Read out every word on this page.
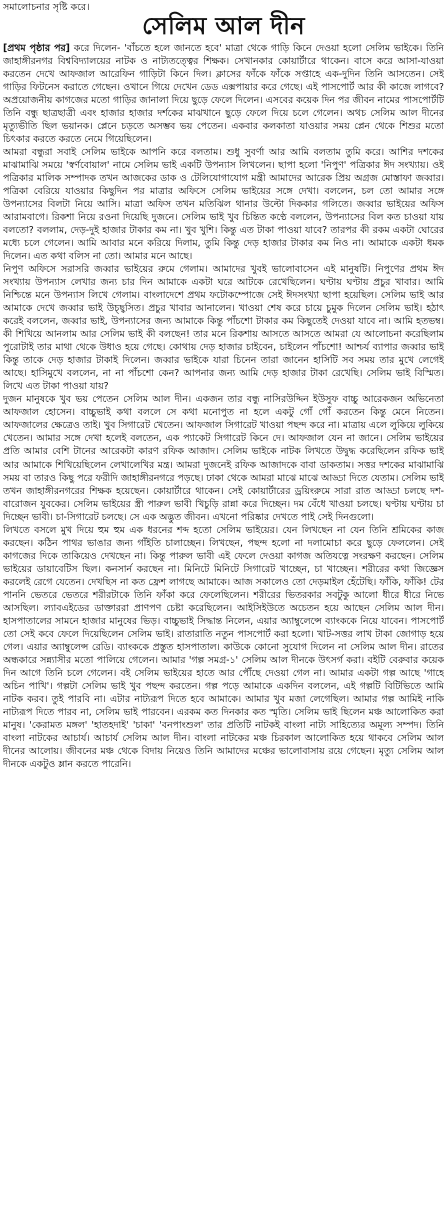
সমালোচনার সৃষ্টি করে।
সেলিম আল দীন

[প্রথম পৃষ্ঠার পর] করে দিলেন- 'বাঁচতে হলে জানতে হবে' মাত্রা থেকে গাড়ি কিনে দেওয়া হলো সেলিম ভাইকে। তিনি জাহাঙ্গীরনগর বিশ্ববিদ্যালয়ের নাটক ও নাট্যতত্ত্বের শিক্ষক। সেখানকার কোয়ার্টারে থাকেন। বাসে করে আসা-যাওয়া করতেন দেখে আফজাল আরেফিন গাড়িটা কিনে দিল। ক্লাসের ফাঁকে ফাঁকে সপ্তাহে এক-দুদিন তিনি আসতেন। সেই গাড়ির ফিটনেস করাতে গেছেন। ওখানে গিয়ে দেখেন ডেড এক্সপায়ার করে গেছে। এই পাসপোর্ট আর কী কাজে লাগবে? অপ্রয়োজনীয় কাগজের মতো গাড়ির জানালা দিয়ে ছুড়ে ফেলে দিলেন। এসবের কয়েক দিন পর জীবন নামের পাসপোর্টটি তিনি বন্ধু ছাত্রছাত্রী এবং হাজার হাজার দর্শকের মাঝখানে ছুড়ে ফেলে দিয়ে চলে গেলেন। অথচ সেলিম আল দীনের মৃত্যুভীতি ছিল ভয়ানক। প্লেনে চড়তে অসম্ভব ভয় পেতেন। একবার কলকাতা যাওয়ার সময় প্লেন থেকে শিশুর মতো চিৎকার করতে করতে নেমে গিয়েছিলেন।

আমরা বন্ধুরা সবাই সেলিম ভাইকে আপনি করে বলতাম। শুধু সুবর্ণা আর আমি বলতাম তুমি করে। আশির দশকের মাঝামাঝি সময়ে 'স্বর্ণবোয়াল' নামে সেলিম ভাই একটি উপন্যাস লিখলেন। ছাপা হলো 'নিপুণ' পত্রিকার ঈদ সংখ্যায়। ওই পত্রিকার মালিক সম্পাদক তখন আজকের ডাক ও টেলিযোগাযোগ মন্ত্রী আমাদের আরেক প্রিয় অগ্রজ মোস্তাফা জব্বার। পত্রিকা বেরিয়ে যাওয়ার কিছুদিন পর মাত্রার অফিসে সেলিম ভাইয়ের সঙ্গে দেখা। বললেন, চল তো আমার সঙ্গে উপন্যাসের বিলটা নিয়ে আসি। মাত্রা অফিস তখন মতিঝিল থানার উল্টো দিককার গলিতে। জব্বার ভাইয়ের অফিস আরামবাগে। রিকশা নিয়ে রওনা দিয়েছি দুজনে। সেলিম ভাই খুব চিন্তিত কণ্ঠে বললেন, উপন্যাসের বিল কত চাওয়া যায় বলতো? বললাম, দেড়-দুই হাজার টাকার কম না। খুব খুশি। কিন্তু এত টাকা পাওয়া যাবে? তারপর কী রকম একটা ঘোরের মধ্যে চলে গেলেন। আমি আবার মনে করিয়ে দিলাম, তুমি কিন্তু দেড় হাজার টাকার কম নিও না। আমাকে একটা ধমক দিলেন। এত কথা বলিস না তো। আমার মনে আছে।

নিপুণ অফিসে সরাসরি জব্বার ভাইয়ের রুমে গেলাম। আমাদের খুবই ভালোবাসেন এই মানুষটি। নিপুণের প্রথম ঈদ সংখ্যায় উপন্যাস লেখার জন্য চার দিন আমাকে একটা ঘরে আটকে রেখেছিলেন। ঘণ্টায় ঘণ্টায় প্রচুর খাবার। আমি নিশ্চিন্তে মনে উপন্যাস লিখে গেলাম। বাংলাদেশে প্রথম ফটোকম্পোজে সেই ঈদসংখ্যা ছাপা হয়েছিল। সেলিম ভাই আর আমাকে দেখে জব্বার ভাই উচ্ছ্বসিত। প্রচুর খাবার আনালেন। খাওয়া শেষ করে চায়ে চুমুক দিলেন সেলিম ভাই। হঠাৎ করেই বললেন, জব্বার ভাই, উপন্যাসের জন্য আমাকে কিন্তু পাঁচশো টাকার কম কিছুতেই দেওয়া যাবে না। আমি হতভম্ব। কী শিখিয়ে আনলাম আর সেলিম ভাই কী বলছেন! তার মনে রিকশায় আসতে আসতে আমরা যে আলোচনা করেছিলাম পুরোটাই তার মাথা থেকে উধাও হয়ে গেছে। কোথায় দেড় হাজার চাইবেন, চাইলেন পাঁচশো! আশ্চর্য ব্যাপার জব্বার ভাই কিন্তু তাকে দেড় হাজার টাকাই দিলেন। জব্বার ভাইকে যারা চিনেন তারা জানেন হাসিটি সব সময় তার মুখে লেগেই আছে। হাসিমুখে বললেন, না না পাঁচশো কেন? আপনার জন্য আমি দেড় হাজার টাকা রেখেছি। সেলিম ভাই বিস্মিত। লিখে এত টাকা পাওয়া যায়?

দুজন মানুষকে খুব ভয় পেতেন সেলিম আল দীন। একজন তার বন্ধু নাসিরউদ্দিন ইউসুফ বাচ্চু আরেকজন অভিনেতা আফজাল হোসেন। বাচ্চুভাই কথা বললে সে কথা মনোপুত না হলে একটু গোঁ গোঁ করতেন কিন্তু মেনে নিতেন। আফজালের ক্ষেত্রেও তাই। খুব সিগারেট খেতেন। আফজাল সিগারেট খাওয়া পছন্দ করে না। মাত্রায় এলে লুকিয়ে লুকিয়ে খেতেন। আমার সঙ্গে দেখা হলেই বলতেন, এক প্যাকেট সিগারেট কিনে দে। আফজাল যেন না জানে। সেলিম ভাইয়ের প্রতি আমার বেশি টানের আরেকটা কারণ রফিক আজাদ। সেলিম ভাইকে নাটক লিখতে উদ্বুদ্ধ করেছিলেন রফিক ভাই আর আমাকে শিখিয়েছিলেন লেখালেখির মন্ত্র। আমরা দুজনেই রফিক আজাদকে বাবা ডাকতাম। সত্তর দশকের মাঝামাঝি সময় বা তারও কিছু পরে ফরীদি জাহাঙ্গীরনগরে পড়ছে। ঢাকা থেকে আমরা মাঝে মাঝে আড্ডা দিতে যেতাম। সেলিম ভাই তখন জাহাঙ্গীরনগরের শিক্ষক হয়েছেন। কোয়ার্টারে থাকেন। সেই কোয়ার্টারের ড্রয়িংরুমে সারা রাত আড্ডা চলছে দশ-বারোজন যুবকের। সেলিম ভাইয়ের স্ত্রী পারুল ভাবী খিচুড়ি রান্না করে দিচ্ছেন। দম বেঁধে খাওয়া চলছে। ঘণ্টায় ঘণ্টায় চা দিচ্ছেন ভাবী। চা-সিগারেট চলছে। সে এক অদ্ভুত জীবন। এখনো পরিষ্কার দেখতে পাই সেই দিনগুলো।

লিখতে বসলে মুখ দিয়ে হুম হুম এক ধরনের শব্দ হতো সেলিম ভাইয়ের। যেন লিখছেন না যেন তিনি শ্রমিকের কাজ করছেন। কঠিন পাথর ভাঙার জন্য গাঁইতি চালাচ্ছেন। লিখছেন, পছন্দ হলো না দলামোচা করে ছুড়ে ফেললেন। সেই কাগজের দিকে তাকিয়েও দেখছেন না। কিন্তু পারুল ভাবী এই ফেলে দেওয়া কাগজ অতিযত্নে সংরক্ষণ করছেন। সেলিম ভাইয়ের ডায়াবেটিস ছিল। কনসার্ন করছেন না। মিনিটে মিনিটে সিগারেট খাচ্ছেন, চা খাচ্ছেন। শরীরের কথা জিজ্ঞেস করলেই রেগে যেতেন। দেখছিস না কত ফ্রেশ লাগছে আমাকে। আজ সকালেও তো দেড়মাইল হেঁটেছি। ফাঁকি, ফাঁকি! টের পাননি ভেতরে ভেতরে শরীরটাকে তিনি ফাঁকা করে ফেলেছিলেন। শরীরের ভিতরকার সবটুকু আলো ধীরে ধীরে নিভে আসছিল। ল্যাবএইডের ডাক্তাররা প্রাণপণ চেষ্টা করেছিলেন। আইসিইউতে অচেতন হয়ে আছেন সেলিম আল দীন। হাসপাতালের সামনে হাজার মানুষের ভিড়। বাচ্চুভাই সিদ্ধান্ত নিলেন, এয়ার অ্যাম্বুলেন্সে ব্যাংককে নিয়ে যাবেন। পাসপোর্ট তো সেই কবে ফেলে দিয়েছিলেন সেলিম ভাই। রাতারাতি নতুন পাসপোর্ট করা হলো। খাট-সত্তর লাখ টাকা জোগাড় হয়ে গেল। এয়ার অ্যাম্বুলেন্স রেডি। ব্যাংককে প্রস্তুত হাসপাতাল। কাউকে কোনো সুযোগ দিলেন না সেলিম আল দীন। রাতের অন্ধকারে সন্ন্যাসীর মতো পালিয়ে গেলেন। আমার 'গল্প সমগ্র-১' সেলিম আল দীনকে উৎসর্গ করা। বইটি বেরুবার কয়েক দিন আগে তিনি চলে গেলেন। বই সেলিম ভাইয়ের হাতে আর পৌঁছে দেওয়া গেল না। আমার একটা গল্প আছে 'গাহে অচিন পাখি'। গল্পটা সেলিম ভাই খুব পছন্দ করতেন। গল্প পড়ে আমাকে একদিন বললেন, এই গল্পটি বিটিভিতে আমি নাটক করব। তুই পারবি না। এটার নাট্যরূপ দিতে হবে আমাকে। আমার খুব মজা লেগেছিল। আমার গল্প আমিই নাকি নাট্যরূপ দিতে পারব না, সেলিম ভাই পারবেন। এরকম কত দিনকার কত স্মৃতি। সেলিম ভাই ছিলেন মঞ্চ আলোকিত করা মানুষ। 'কেরামত মঙ্গল' 'হাতহদাই' 'চাকা' 'বনপাংশুল' তার প্রতিটি নাটকই বাংলা নাট্য সাহিত্যের অমূল্য সম্পদ। তিনি বাংলা নাটকের আচার্য। আচার্য সেলিম আল দীন। বাংলা নাটকের মঞ্চ চিরকাল আলোকিত হয়ে থাকবে সেলিম আল দীনের আলোয়। জীবনের মঞ্চ থেকে বিদায় নিয়েও তিনি আমাদের মঞ্চের ভালোবাসায় রয়ে গেছেন। মৃত্যু সেলিম আল দীনকে একটুও ম্লান করতে পারেনি।
